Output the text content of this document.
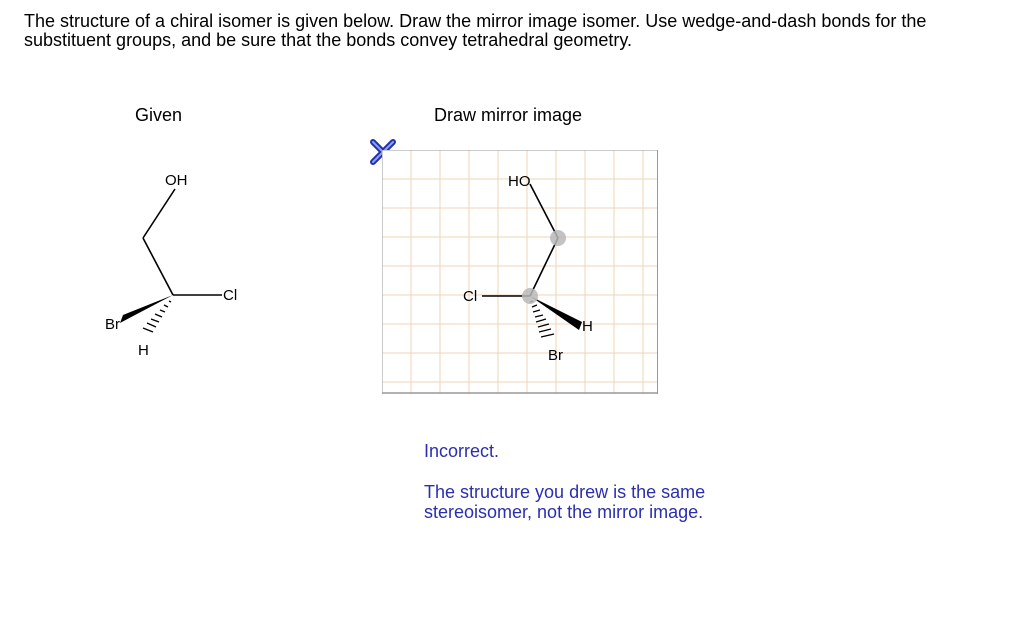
The structure of a chiral isomer is given below. Draw the mirror image isomer. Use wedge-and-dash bonds for the substituent groups, and be sure that the bonds convey tetrahedral geometry.
Given	Draw mirror image
OH
Cl
Br
H
HO
Cl
Br
H
Incorrect.
The structure you drew is the same stereoisomer, not the mirror image.
